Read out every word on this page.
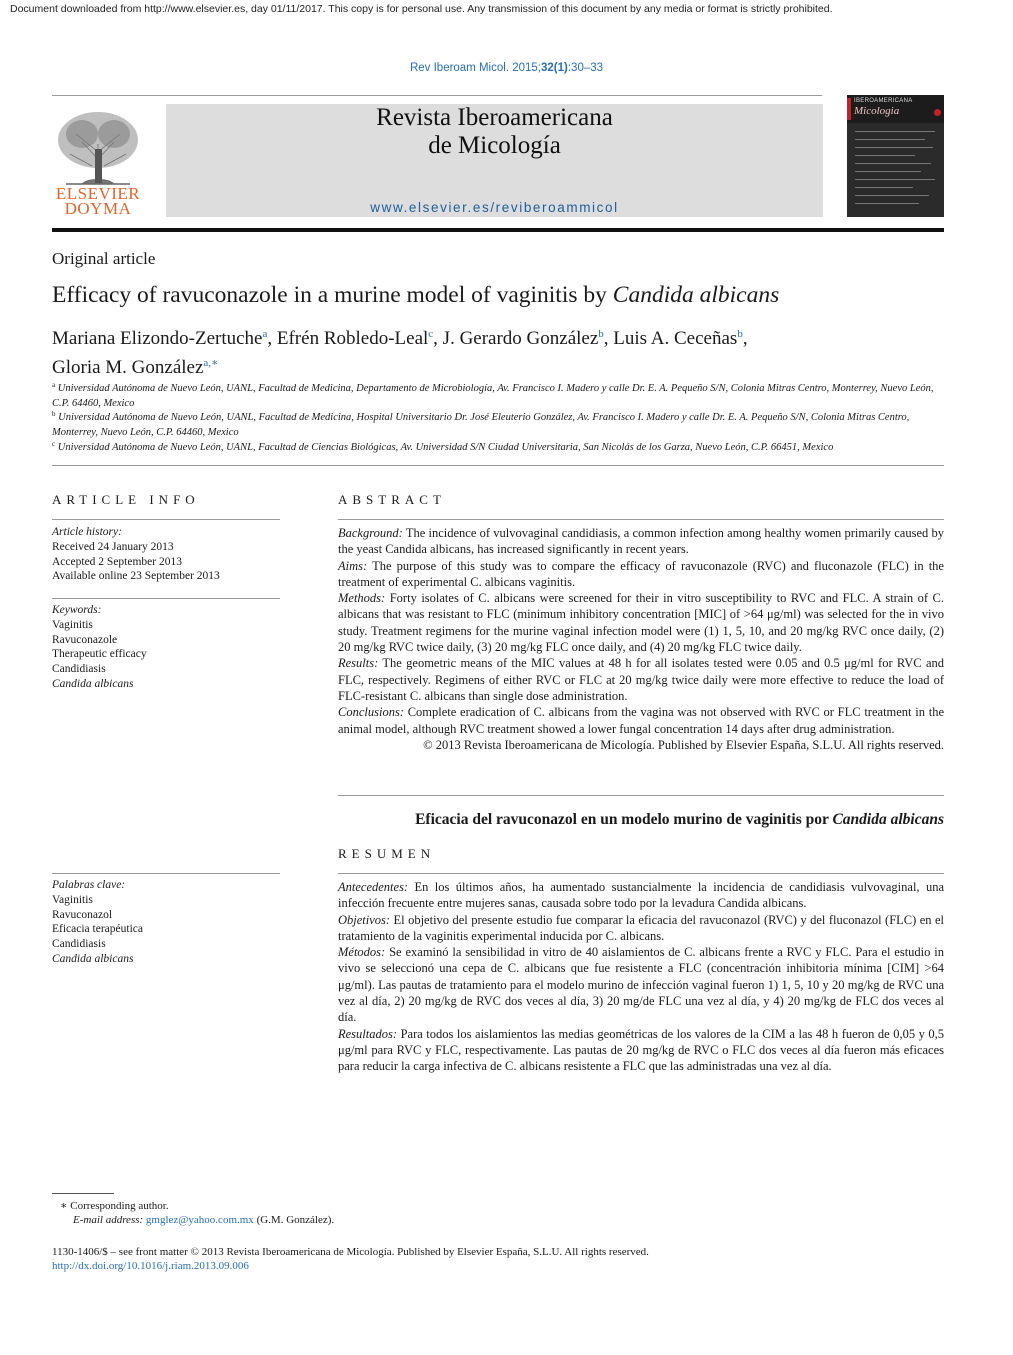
Document downloaded from http://www.elsevier.es, day 01/11/2017. This copy is for personal use. Any transmission of this document by any media or format is strictly prohibited.
Rev Iberoam Micol. 2015;32(1):30–33
ELSEVIER
DOYMA
Revista Iberoamericana
de Micología
www.elsevier.es/reviberoammicol
IBEROAMERICANA
Micologia
Original article
Efficacy of ravuconazole in a murine model of vaginitis by Candida albicans
Mariana Elizondo-Zertuche$^a$, Efrén Robledo-Leal$^c$, J. Gerardo González$^b$, Luis A. Ceceñas$^b$,
Gloria M. González$^{a,∗}$
$^a$ Universidad Autónoma de Nuevo León, UANL, Facultad de Medicina, Departamento de Microbiología, Av. Francisco I. Madero y calle Dr. E. A. Pequeño S/N, Colonia Mitras Centro, Monterrey, Nuevo León, C.P. 64460, Mexico
$^b$ Universidad Autónoma de Nuevo León, UANL, Facultad de Medicina, Hospital Universitario Dr. José Eleuterio González, Av. Francisco I. Madero y calle Dr. E. A. Pequeño S/N, Colonia Mitras Centro, Monterrey, Nuevo León, C.P. 64460, Mexico
$^c$ Universidad Autónoma de Nuevo León, UANL, Facultad de Ciencias Biológicas, Av. Universidad S/N Ciudad Universitaria, San Nicolás de los Garza, Nuevo León, C.P. 66451, Mexico
ARTICLE INFO
Article history:
Received 24 January 2013
Accepted 2 September 2013
Available online 23 September 2013
Keywords:
Vaginitis
Ravuconazole
Therapeutic efficacy
Candidiasis
Candida albicans
Palabras clave:
Vaginitis
Ravuconazol
Eficacia terapéutica
Candidiasis
Candida albicans
ABSTRACT

Background: The incidence of vulvovaginal candidiasis, a common infection among healthy women primarily caused by the yeast Candida albicans, has increased significantly in recent years.

Aims: The purpose of this study was to compare the efficacy of ravuconazole (RVC) and fluconazole (FLC) in the treatment of experimental C. albicans vaginitis.

Methods: Forty isolates of C. albicans were screened for their in vitro susceptibility to RVC and FLC. A strain of C. albicans that was resistant to FLC (minimum inhibitory concentration [MIC] of >64 μg/ml) was selected for the in vivo study. Treatment regimens for the murine vaginal infection model were (1) 1, 5, 10, and 20 mg/kg RVC once daily, (2) 20 mg/kg RVC twice daily, (3) 20 mg/kg FLC once daily, and (4) 20 mg/kg FLC twice daily.

Results: The geometric means of the MIC values at 48 h for all isolates tested were 0.05 and 0.5 μg/ml for RVC and FLC, respectively. Regimens of either RVC or FLC at 20 mg/kg twice daily were more effective to reduce the load of FLC-resistant C. albicans than single dose administration.

Conclusions: Complete eradication of C. albicans from the vagina was not observed with RVC or FLC treatment in the animal model, although RVC treatment showed a lower fungal concentration 14 days after drug administration.

© 2013 Revista Iberoamericana de Micología. Published by Elsevier España, S.L.U. All rights reserved.

Eficacia del ravuconazol en un modelo murino de vaginitis por Candida albicans
RESUMEN

Antecedentes: En los últimos años, ha aumentado sustancialmente la incidencia de candidiasis vulvovaginal, una infección frecuente entre mujeres sanas, causada sobre todo por la levadura Candida albicans.

Objetivos: El objetivo del presente estudio fue comparar la eficacia del ravuconazol (RVC) y del fluconazol (FLC) en el tratamiento de la vaginitis experimental inducida por C. albicans.

Métodos: Se examinó la sensibilidad in vitro de 40 aislamientos de C. albicans frente a RVC y FLC. Para el estudio in vivo se seleccionó una cepa de C. albicans que fue resistente a FLC (concentración inhibitoria mínima [CIM] >64 μg/ml). Las pautas de tratamiento para el modelo murino de infección vaginal fueron 1) 1, 5, 10 y 20 mg/kg de RVC una vez al día, 2) 20 mg/kg de RVC dos veces al día, 3) 20 mg/de FLC una vez al día, y 4) 20 mg/kg de FLC dos veces al día.

Resultados: Para todos los aislamientos las medias geométricas de los valores de la CIM a las 48 h fueron de 0,05 y 0,5 μg/ml para RVC y FLC, respectivamente. Las pautas de 20 mg/kg de RVC o FLC dos veces al día fueron más eficaces para reducir la carga infectiva de C. albicans resistente a FLC que las administradas una vez al día.

∗ Corresponding author.
E-mail address: gmglez@yahoo.com.mx (G.M. González).
1130-1406/$ – see front matter © 2013 Revista Iberoamericana de Micología. Published by Elsevier España, S.L.U. All rights reserved.
http://dx.doi.org/10.1016/j.riam.2013.09.006
